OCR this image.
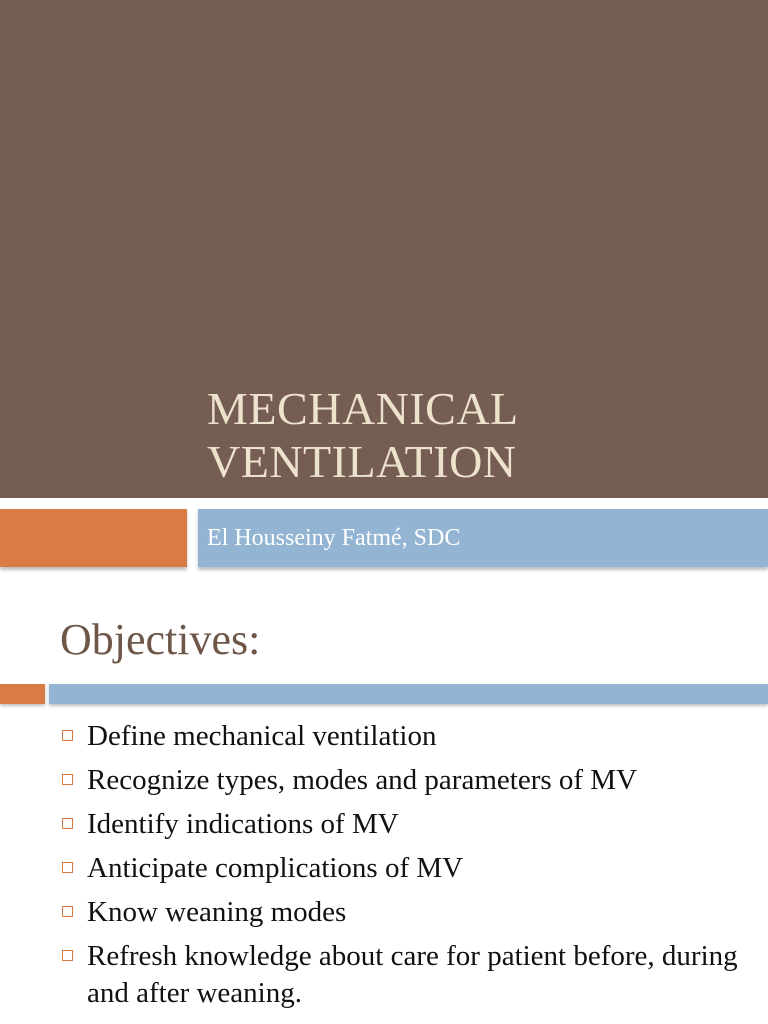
MECHANICAL
VENTILATION
El Housseiny Fatmé, SDC
Objectives:
Define mechanical ventilation
Recognize types, modes and parameters of MV
Identify indications of MV
Anticipate complications of MV
Know weaning modes
Refresh knowledge about care for patient before, during and after weaning.
